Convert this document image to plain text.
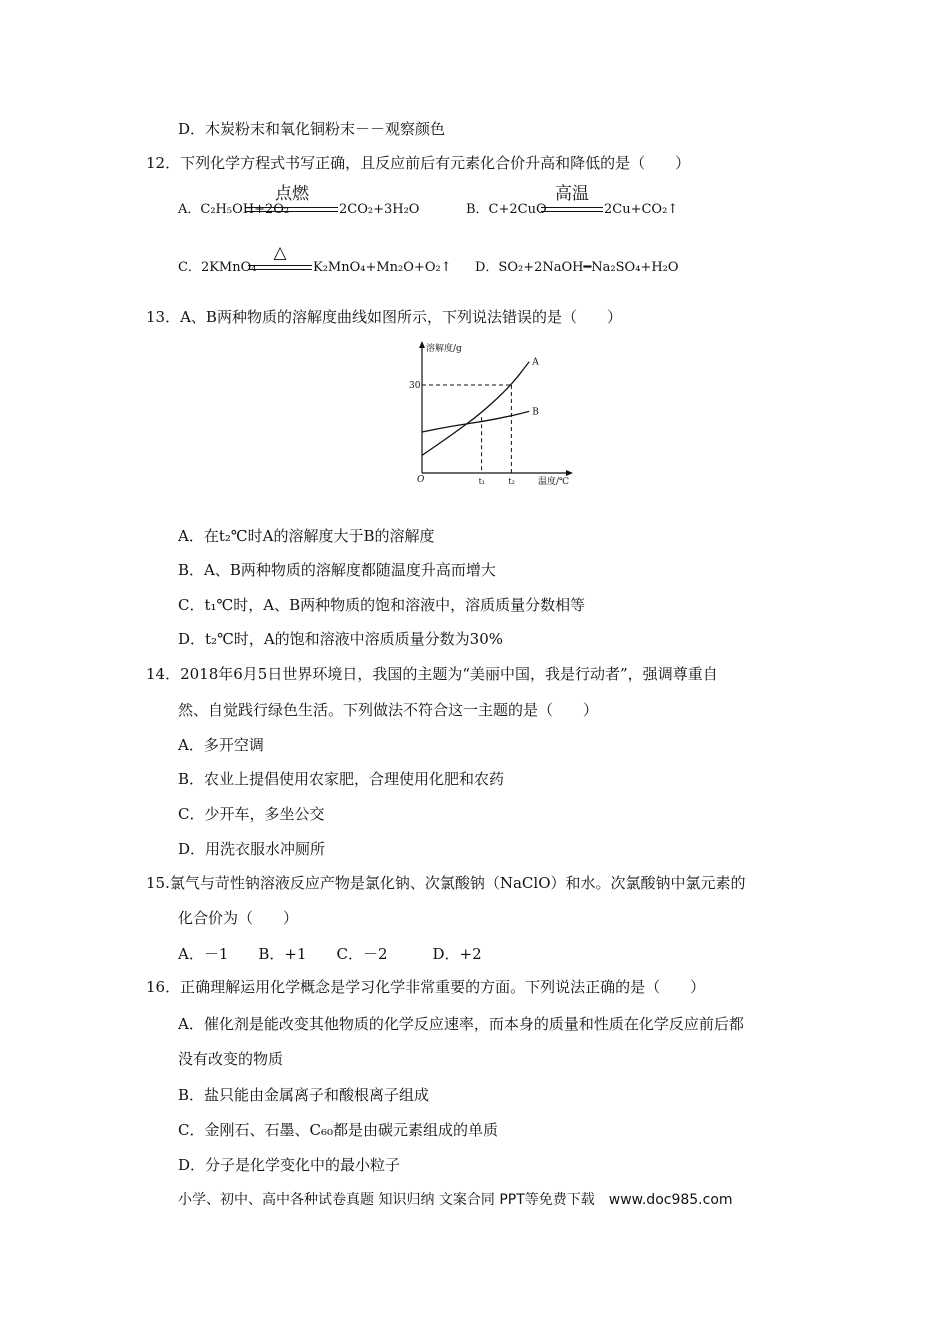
D．木炭粉末和氧化铜粉末－－观察颜色
12．下列化学方程式书写正确，且反应前后有元素化合价升高和降低的是（　　）
A．C₂H₅OH+2O₂
点燃
2CO₂+3H₂O	B．C+2CuO
高温
2Cu+CO₂↑
C．2KMnO₄
△
K₂MnO₄+Mn₂O+O₂↑ D．SO₂+2NaOH━Na₂SO₄+H₂O
13．A、B两种物质的溶解度曲线如图所示，下列说法错误的是（　　）
溶解度/g
温度/℃
O
30
t₁	t₂
A
B
A．在t₂℃时A的溶解度大于B的溶解度
B．A、B两种物质的溶解度都随温度升高而增大
C．t₁℃时，A、B两种物质的饱和溶液中，溶质质量分数相等
D．t₂℃时，A的饱和溶液中溶质质量分数为30%
14．2018年6月5日世界环境日，我国的主题为“美丽中国，我是行动者”，强调尊重自
然、自觉践行绿色生活。下列做法不符合这一主题的是（　　）
A．多开空调
B．农业上提倡使用农家肥，合理使用化肥和农药
C．少开车，多坐公交
D．用洗衣服水冲厕所
15.氯气与苛性钠溶液反应产物是氯化钠、次氯酸钠（NaClO）和水。次氯酸钠中氯元素的
化合价为（　　）
A．－1　　B．+1　　C．－2　　　D．+2
16．正确理解运用化学概念是学习化学非常重要的方面。下列说法正确的是（　　）
A．催化剂是能改变其他物质的化学反应速率，而本身的质量和性质在化学反应前后都
没有改变的物质
B．盐只能由金属离子和酸根离子组成
C．金刚石、石墨、C₆₀都是由碳元素组成的单质
D．分子是化学变化中的最小粒子
小学、初中、高中各种试卷真题 知识归纳 文案合同 PPT等免费下载　www.doc985.com
